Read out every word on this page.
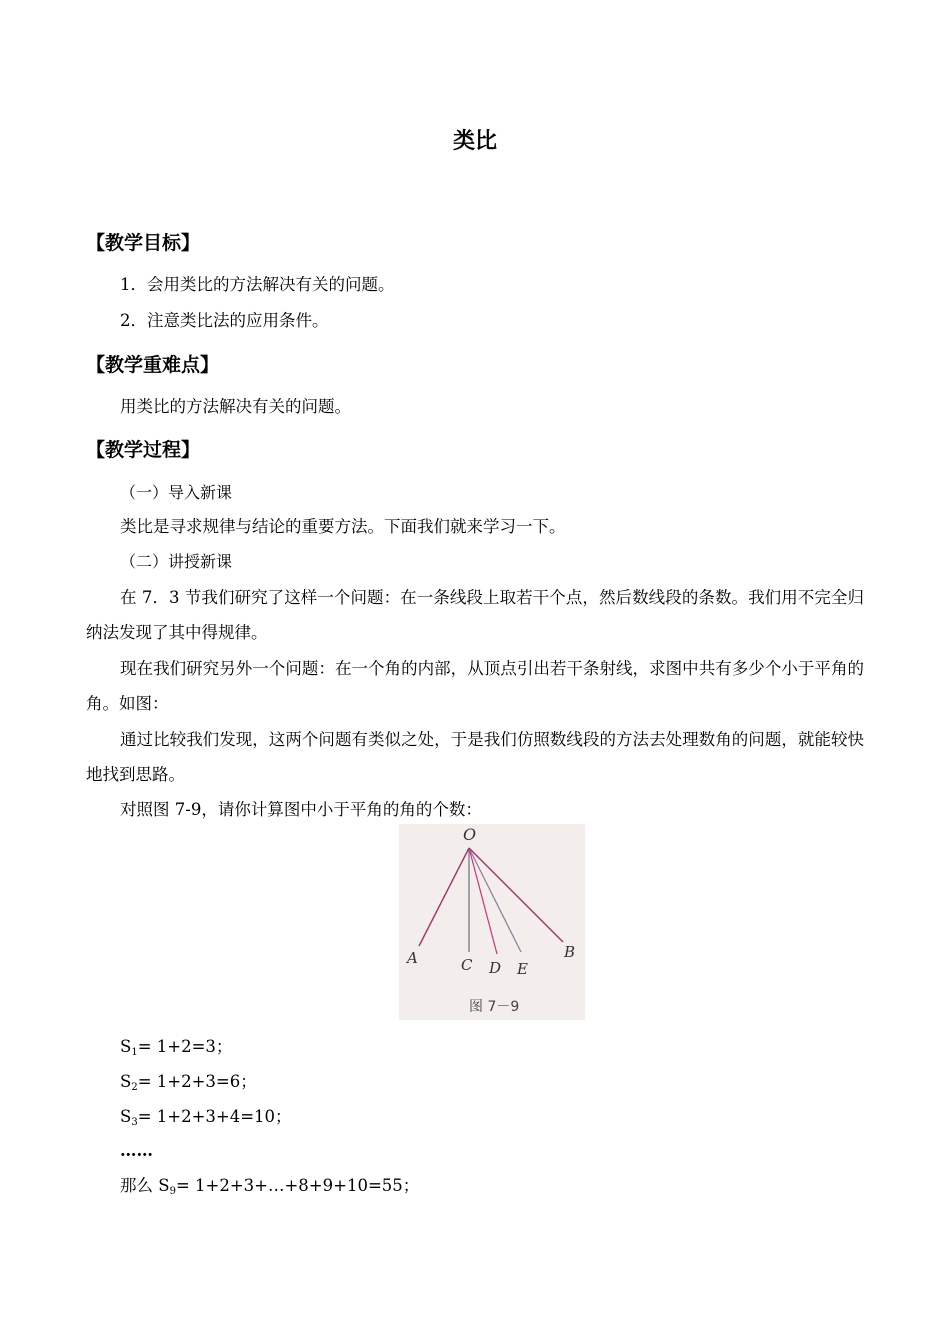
类比
【教学目标】
1．会用类比的方法解决有关的问题。
2．注意类比法的应用条件。
【教学重难点】
用类比的方法解决有关的问题。
【教学过程】
（一）导入新课
类比是寻求规律与结论的重要方法。下面我们就来学习一下。
（二）讲授新课
在 7．3 节我们研究了这样一个问题：在一条线段上取若干个点，然后数线段的条数。我们用不完全归纳法发现了其中得规律。
现在我们研究另外一个问题：在一个角的内部，从顶点引出若干条射线，求图中共有多少个小于平角的角。如图：
通过比较我们发现，这两个问题有类似之处，于是我们仿照数线段的方法去处理数角的问题，就能较快地找到思路。
对照图 7-9，请你计算图中小于平角的角的个数：
O
A	C D E
B
图 7－9
$S_1= 1+2=3$；
$S_2= 1+2+3=6$；
$S_3= 1+2+3+4=10$；
……
那么 $S_9=$ 1+2+3+…+8+9+10=55；
